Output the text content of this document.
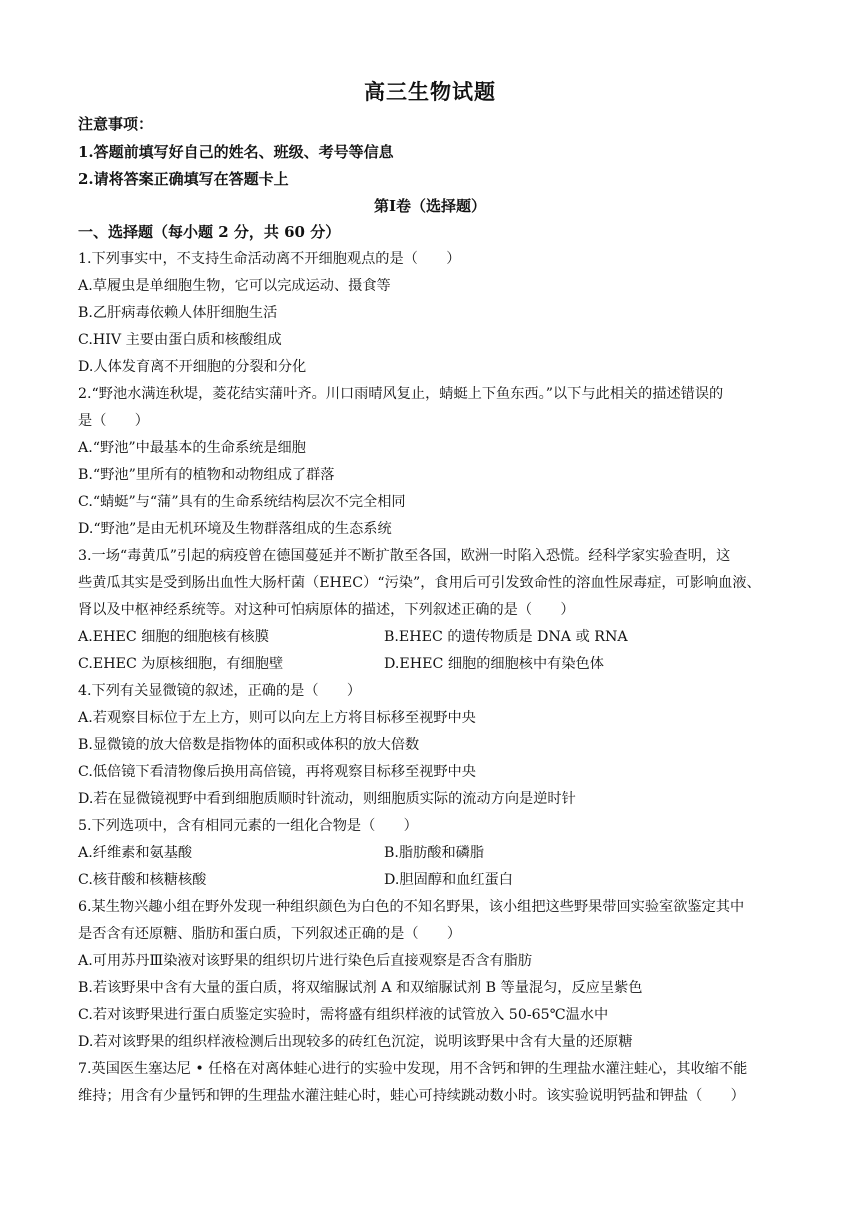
高三生物试题
注意事项：
1.答题前填写好自己的姓名、班级、考号等信息
2.请将答案正确填写在答题卡上
第Ⅰ卷（选择题）
一、选择题（每小题 2 分，共 60 分）
1.下列事实中，不支持生命活动离不开细胞观点的是（　　）
A.草履虫是单细胞生物，它可以完成运动、摄食等
B.乙肝病毒依赖人体肝细胞生活
C.HIV 主要由蛋白质和核酸组成
D.人体发育离不开细胞的分裂和分化
2.“野池水满连秋堤，菱花结实蒲叶齐。川口雨晴风复止，蜻蜓上下鱼东西。”以下与此相关的描述错误的
是（　　）
A.“野池”中最基本的生命系统是细胞
B.“野池”里所有的植物和动物组成了群落
C.“蜻蜓”与“蒲”具有的生命系统结构层次不完全相同
D.“野池”是由无机环境及生物群落组成的生态系统
3.一场“毒黄瓜”引起的病疫曾在德国蔓延并不断扩散至各国，欧洲一时陷入恐慌。经科学家实验查明，这
些黄瓜其实是受到肠出血性大肠杆菌（EHEC）“污染”，食用后可引发致命性的溶血性尿毒症，可影响血液、
肾以及中枢神经系统等。对这种可怕病原体的描述，下列叙述正确的是（　　）
A.EHEC 细胞的细胞核有核膜	B.EHEC 的遗传物质是 DNA 或 RNA
C.EHEC 为原核细胞，有细胞壁	D.EHEC 细胞的细胞核中有染色体
4.下列有关显微镜的叙述，正确的是（　　）
A.若观察目标位于左上方，则可以向左上方将目标移至视野中央
B.显微镜的放大倍数是指物体的面积或体积的放大倍数
C.低倍镜下看清物像后换用高倍镜，再将观察目标移至视野中央
D.若在显微镜视野中看到细胞质顺时针流动，则细胞质实际的流动方向是逆时针
5.下列选项中，含有相同元素的一组化合物是（　　）
A.纤维素和氨基酸	B.脂肪酸和磷脂
C.核苷酸和核糖核酸	D.胆固醇和血红蛋白
6.某生物兴趣小组在野外发现一种组织颜色为白色的不知名野果，该小组把这些野果带回实验室欲鉴定其中
是否含有还原糖、脂肪和蛋白质，下列叙述正确的是（　　）
A.可用苏丹Ⅲ染液对该野果的组织切片进行染色后直接观察是否含有脂肪
B.若该野果中含有大量的蛋白质，将双缩脲试剂 A 和双缩脲试剂 B 等量混匀，反应呈紫色
C.若对该野果进行蛋白质鉴定实验时，需将盛有组织样液的试管放入 50-65℃温水中
D.若对该野果的组织样液检测后出现较多的砖红色沉淀，说明该野果中含有大量的还原糖
7.英国医生塞达尼 • 任格在对离体蛙心进行的实验中发现，用不含钙和钾的生理盐水灌注蛙心，其收缩不能
维持；用含有少量钙和钾的生理盐水灌注蛙心时，蛙心可持续跳动数小时。该实验说明钙盐和钾盐（　　）
